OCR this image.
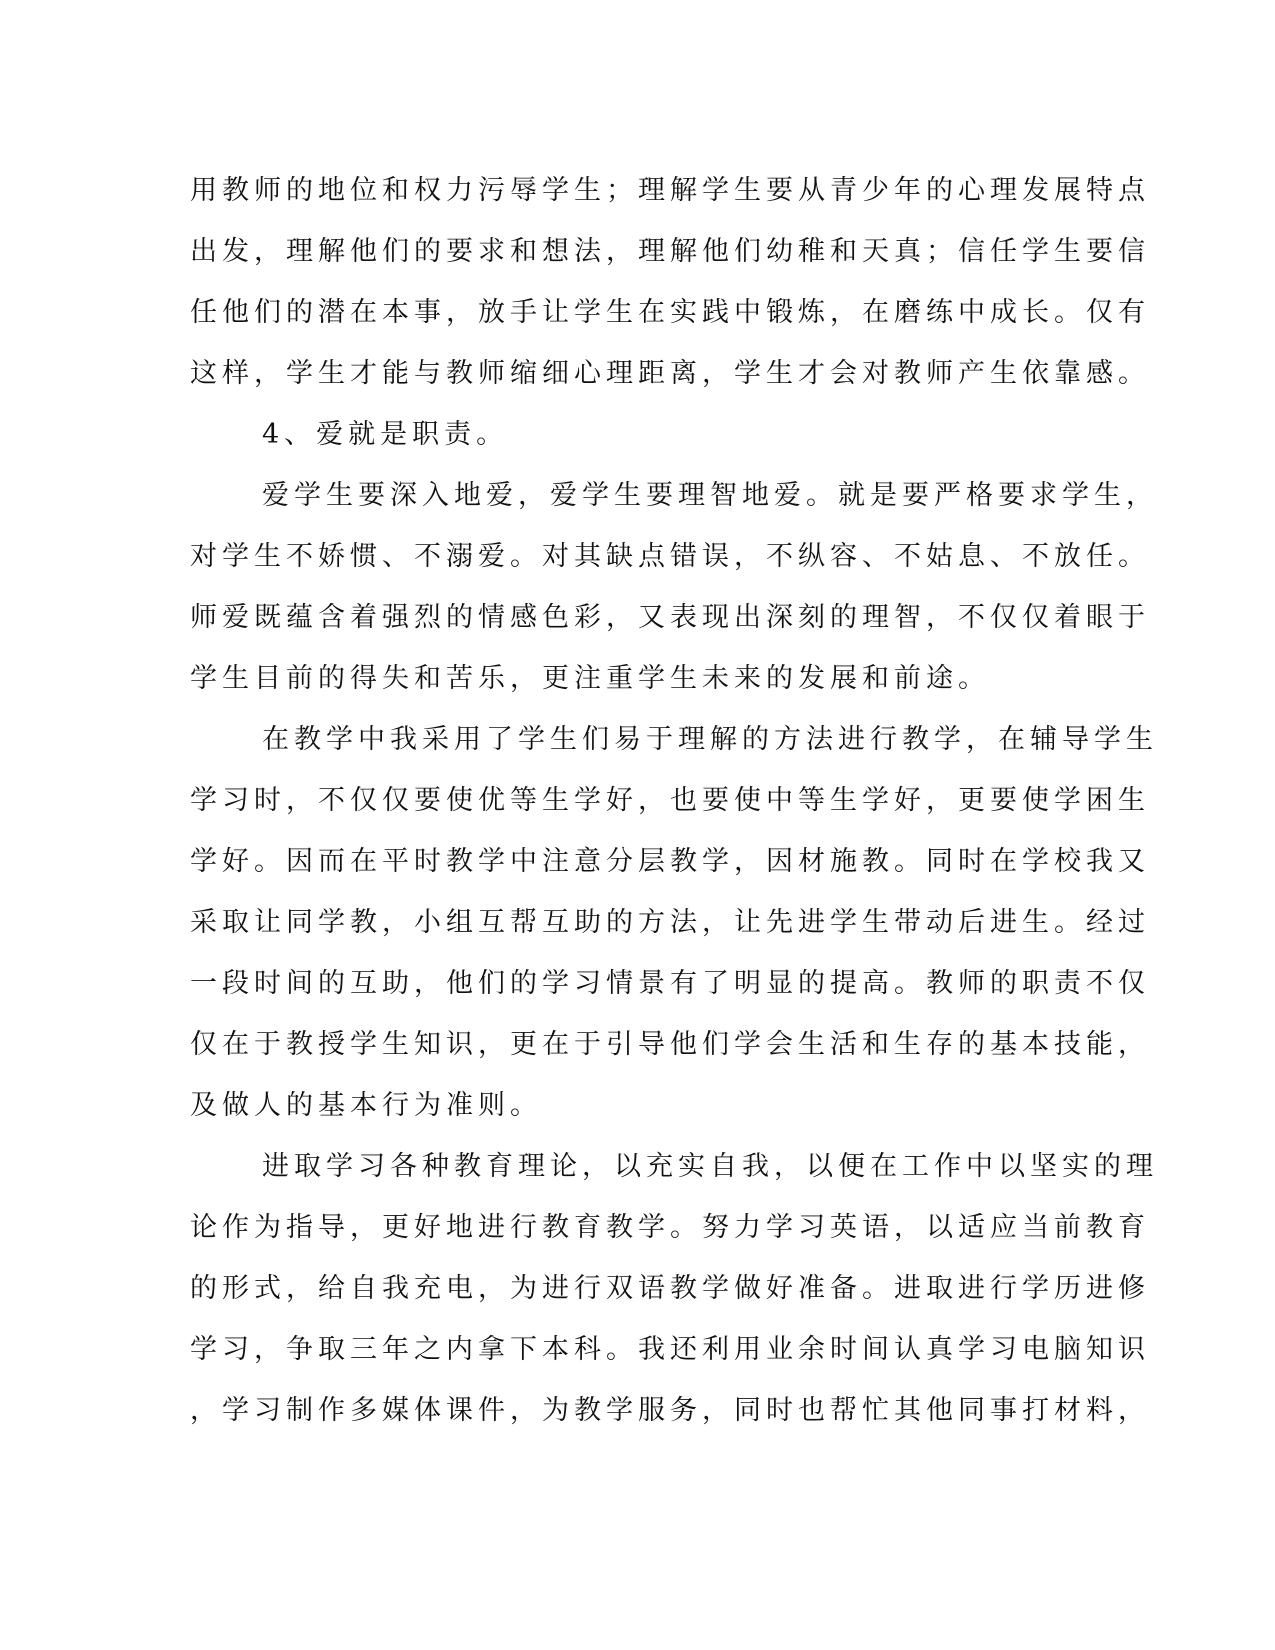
用教师的地位和权力污辱学生；理解学生要从青少年的心理发展特点
出发，理解他们的要求和想法，理解他们幼稚和天真；信任学生要信
任他们的潜在本事，放手让学生在实践中锻炼，在磨练中成长。仅有
这样，学生才能与教师缩细心理距离，学生才会对教师产生依靠感。
4、爱就是职责。
爱学生要深入地爱，爱学生要理智地爱。就是要严格要求学生，
对学生不娇惯、不溺爱。对其缺点错误，不纵容、不姑息、不放任。
师爱既蕴含着强烈的情感色彩，又表现出深刻的理智，不仅仅着眼于
学生目前的得失和苦乐，更注重学生未来的发展和前途。
在教学中我采用了学生们易于理解的方法进行教学，在辅导学生
学习时，不仅仅要使优等生学好，也要使中等生学好，更要使学困生
学好。因而在平时教学中注意分层教学，因材施教。同时在学校我又
采取让同学教，小组互帮互助的方法，让先进学生带动后进生。经过
一段时间的互助，他们的学习情景有了明显的提高。教师的职责不仅
仅在于教授学生知识，更在于引导他们学会生活和生存的基本技能，
及做人的基本行为准则。
进取学习各种教育理论，以充实自我，以便在工作中以坚实的理
论作为指导，更好地进行教育教学。努力学习英语，以适应当前教育
的形式，给自我充电，为进行双语教学做好准备。进取进行学历进修
学习，争取三年之内拿下本科。我还利用业余时间认真学习电脑知识
，学习制作多媒体课件，为教学服务，同时也帮忙其他同事打材料，
